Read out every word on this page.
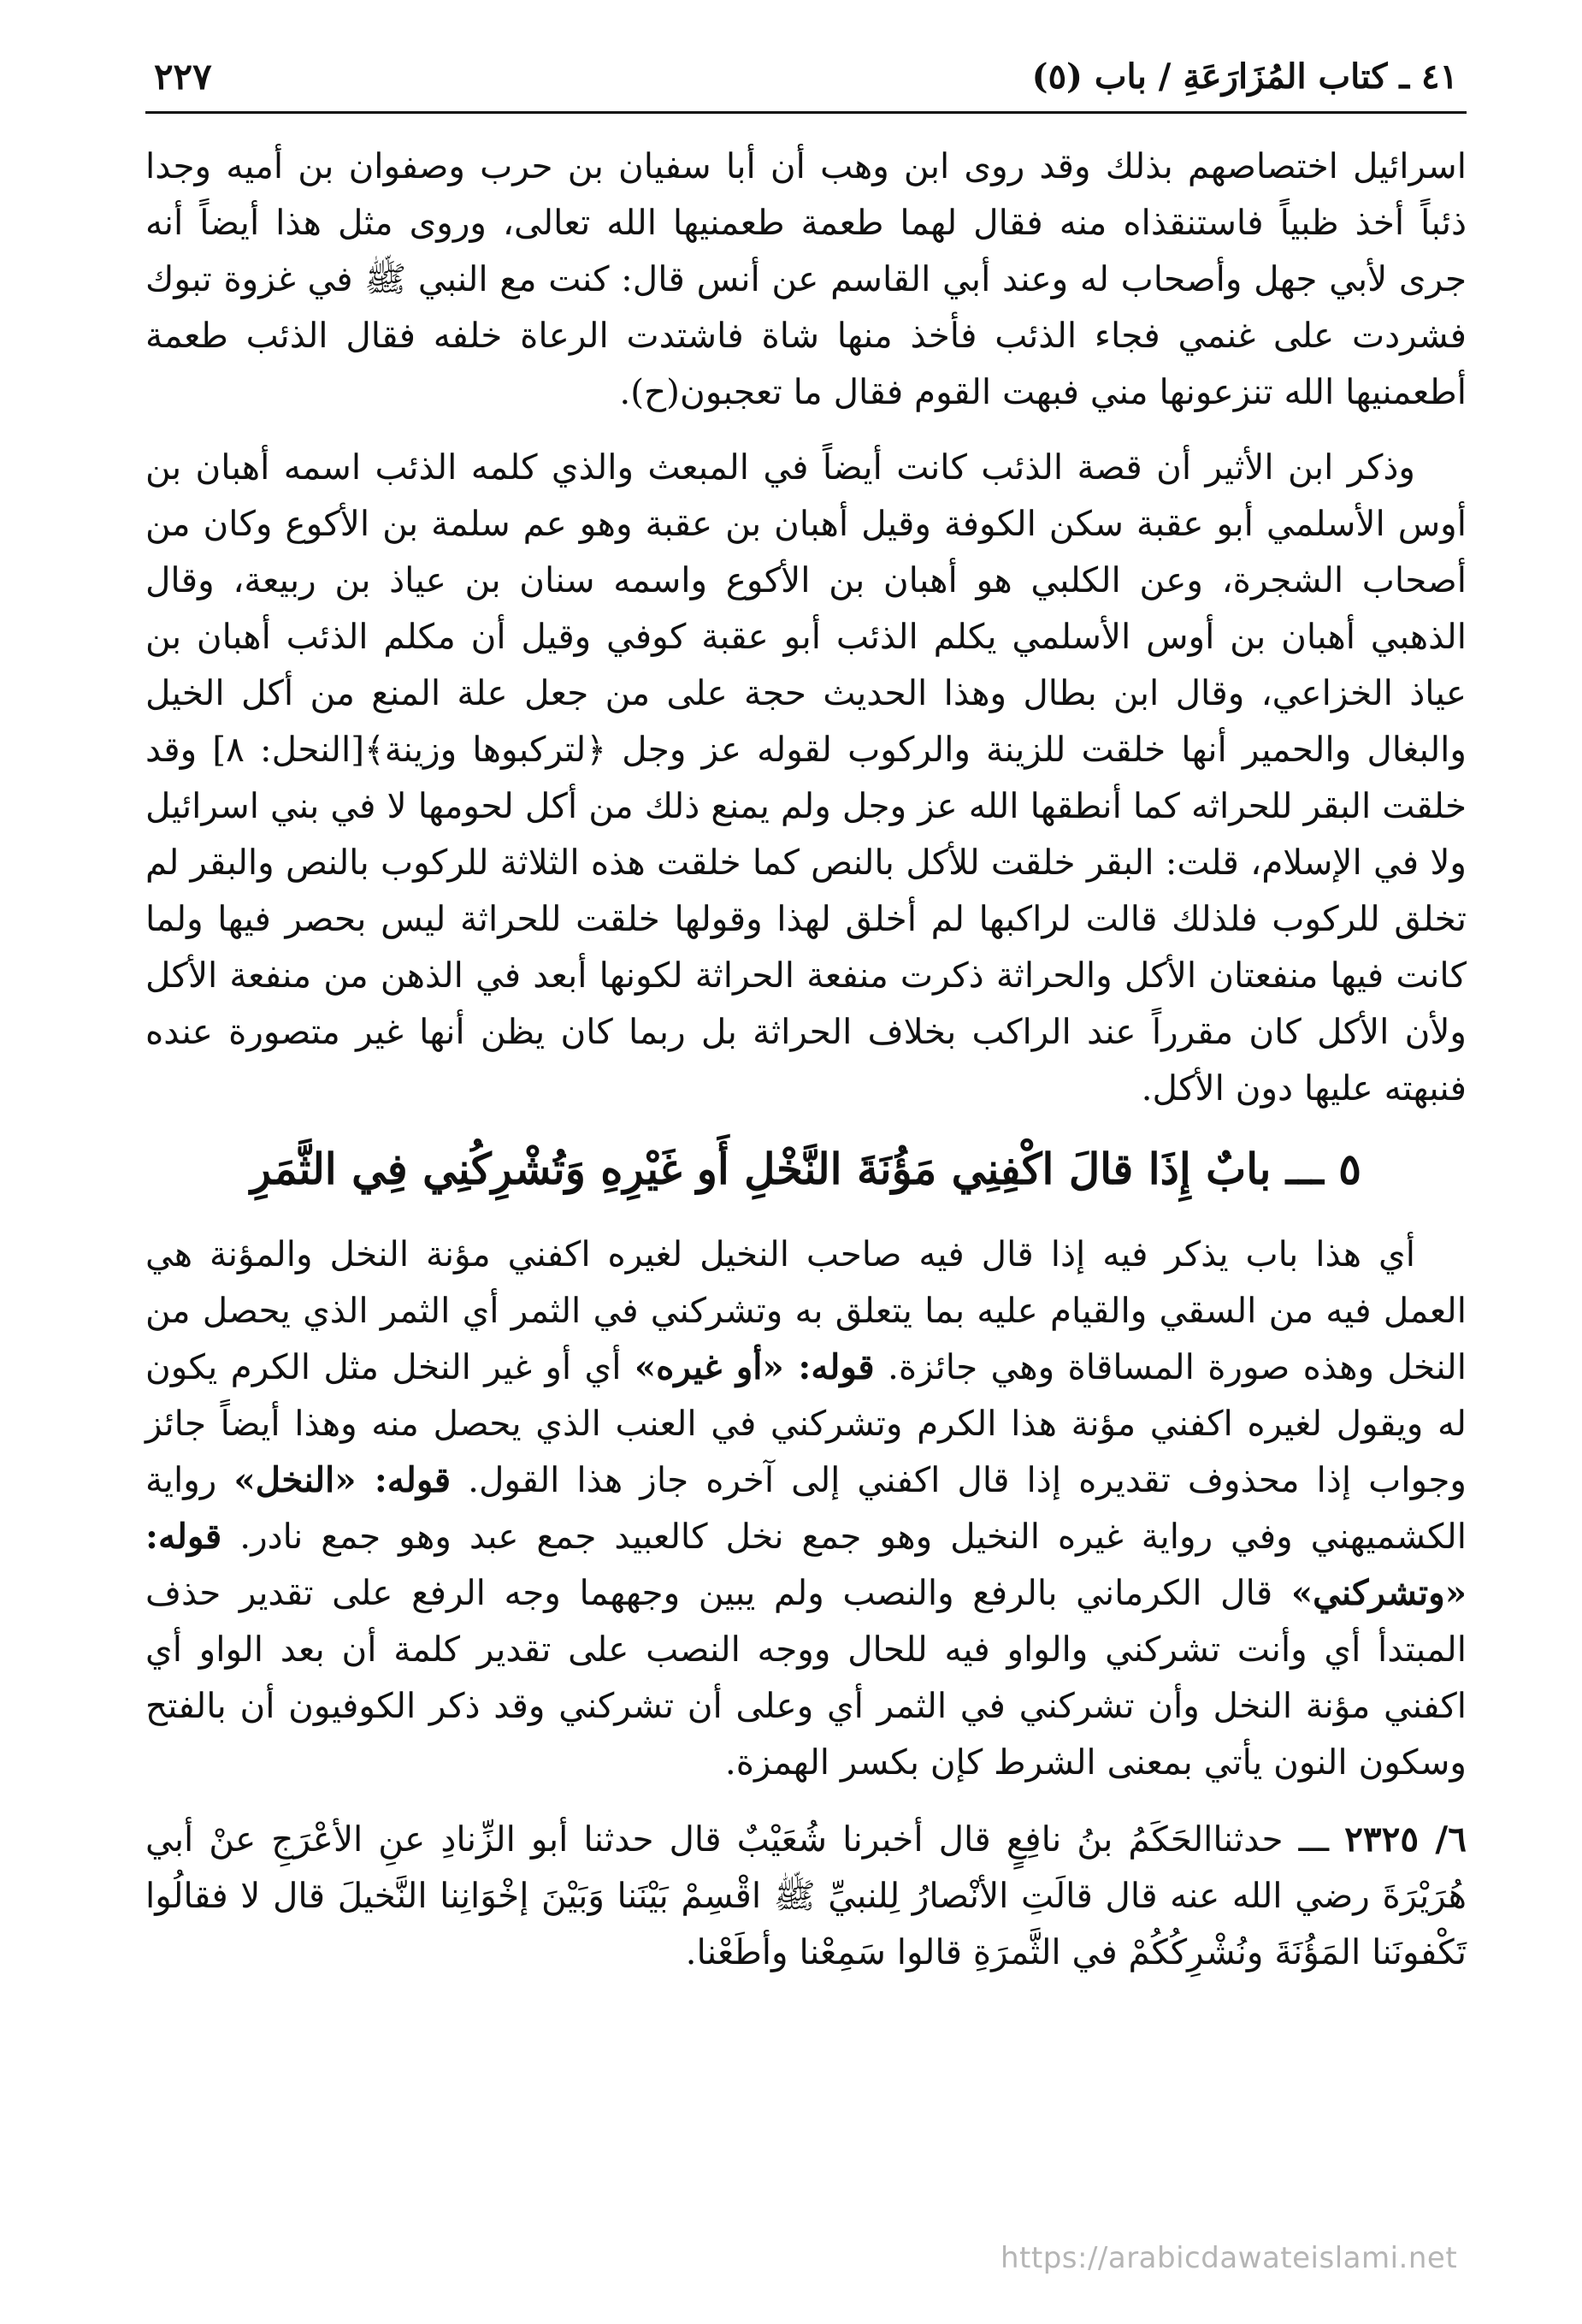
٤١ ـ كتاب المُزَارَعَةِ / باب (٥)
٢٢٧

اسرائيل اختصاصهم بذلك وقد روى ابن وهب أن أبا سفيان بن حرب وصفوان بن أميه وجدا ذئباً أخذ ظبياً فاستنقذاه منه فقال لهما طعمة طعمنيها الله تعالى، وروى مثل هذا أيضاً أنه جرى لأبي جهل وأصحاب له وعند أبي القاسم عن أنس قال: كنت مع النبي ﷺ في غزوة تبوك فشردت على غنمي فجاء الذئب فأخذ منها شاة فاشتدت الرعاة خلفه فقال الذئب طعمة أطعمنيها الله تنزعونها مني فبهت القوم فقال ما تعجبون(ح).

وذكر ابن الأثير أن قصة الذئب كانت أيضاً في المبعث والذي كلمه الذئب اسمه أهبان بن أوس الأسلمي أبو عقبة سكن الكوفة وقيل أهبان بن عقبة وهو عم سلمة بن الأكوع وكان من أصحاب الشجرة، وعن الكلبي هو أهبان بن الأكوع واسمه سنان بن عياذ بن ربيعة، وقال الذهبي أهبان بن أوس الأسلمي يكلم الذئب أبو عقبة كوفي وقيل أن مكلم الذئب أهبان بن عياذ الخزاعي، وقال ابن بطال وهذا الحديث حجة على من جعل علة المنع من أكل الخيل والبغال والحمير أنها خلقت للزينة والركوب لقوله عز وجل ﴿لتركبوها وزينة﴾[النحل: ٨] وقد خلقت البقر للحراثه كما أنطقها الله عز وجل ولم يمنع ذلك من أكل لحومها لا في بني اسرائيل ولا في الإسلام، قلت: البقر خلقت للأكل بالنص كما خلقت هذه الثلاثة للركوب بالنص والبقر لم تخلق للركوب فلذلك قالت لراكبها لم أخلق لهذا وقولها خلقت للحراثة ليس بحصر فيها ولما كانت فيها منفعتان الأكل والحراثة ذكرت منفعة الحراثة لكونها أبعد في الذهن من منفعة الأكل ولأن الأكل كان مقرراً عند الراكب بخلاف الحراثة بل ربما كان يظن أنها غير متصورة عنده فنبهته عليها دون الأكل.

٥ ـــ بابٌ إِذَا قالَ اكْفِنِي مَؤُنَةَ النَّخْلِ أَو غَيْرِهِ وَتُشْرِكُنِي فِي الثَّمَرِ

أي هذا باب يذكر فيه إذا قال فيه صاحب النخيل لغيره اكفني مؤنة النخل والمؤنة هي العمل فيه من السقي والقيام عليه بما يتعلق به وتشركني في الثمر أي الثمر الذي يحصل من النخل وهذه صورة المساقاة وهي جائزة. قوله: «أو غيره» أي أو غير النخل مثل الكرم يكون له ويقول لغيره اكفني مؤنة هذا الكرم وتشركني في العنب الذي يحصل منه وهذا أيضاً جائز وجواب إذا محذوف تقديره إذا قال اكفني إلى آخره جاز هذا القول. قوله: «النخل» رواية الكشميهني وفي رواية غيره النخيل وهو جمع نخل كالعبيد جمع عبد وهو جمع نادر. قوله: «وتشركني» قال الكرماني بالرفع والنصب ولم يبين وجههما وجه الرفع على تقدير حذف المبتدأ أي وأنت تشركني والواو فيه للحال ووجه النصب على تقدير كلمة أن بعد الواو أي اكفني مؤنة النخل وأن تشركني في الثمر أي وعلى أن تشركني وقد ذكر الكوفيون أن بالفتح وسكون النون يأتي بمعنى الشرط كإن بكسر الهمزة.

٦/ ٢٣٢٥ ـــ حدثناالحَكَمُ بنُ نافِعٍ قال أخبرنا شُعَيْبٌ قال حدثنا أبو الزِّنادِ عنِ الأعْرَجِ عنْ أبي هُرَيْرَةَ رضي الله عنه قال قالَتِ الأنْصارُ لِلنبيِّ ﷺ اقْسِمْ بَيْنَنا وَبَيْنَ إخْوَانِنا النَّخيلَ قال لا فقالُوا تَكْفونَنا المَؤُنَةَ ونُشْرِكُكُمْ في الثَّمرَةِ قالوا سَمِعْنا وأطَعْنا.

https://arabicdawateislami.net
